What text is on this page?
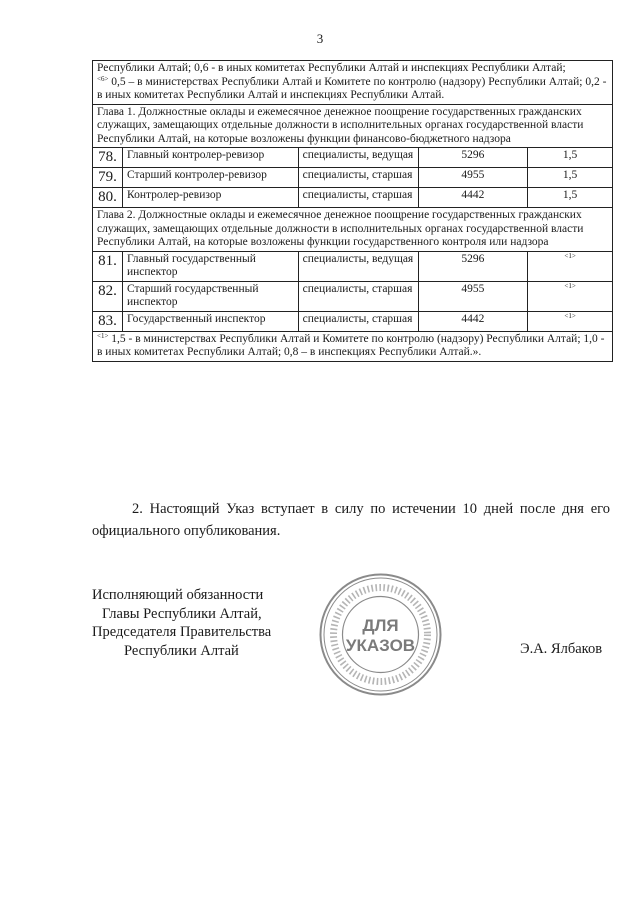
3
Республики Алтай; 0,6 - в иных комитетах Республики Алтай и инспекциях Республики Алтай;
$^{<6>}$ 0,5 – в министерствах Республики Алтай и Комитете по контролю (надзору) Республики Алтай; 0,2 - в иных комитетах Республики Алтай и инспекциях Республики Алтай.				

Глава 1. Должностные оклады и ежемесячное денежное поощрение государственных гражданских служащих, замещающих отдельные должности в исполнительных органах государственной власти Республики Алтай, на которые возложены функции финансово-бюджетного надзора				
78.	Главный контролер-ревизор	специалисты, ведущая	5296	1,5
79.	Старший контролер-ревизор	специалисты, старшая	4955	1,5
80.	Контролер-ревизор	специалисты, старшая	4442	1,5
Глава 2. Должностные оклады и ежемесячное денежное поощрение государственных гражданских служащих, замещающих отдельные должности в исполнительных органах государственной власти Республики Алтай, на которые возложены функции государственного контроля или надзора				
81.	Главный государственный инспектор	специалисты, ведущая	5296	$^{<1>}$
82.	Старший государственный инспектор	специалисты, старшая	4955	$^{<1>}$
83.	Государственный инспектор	специалисты, старшая	4442	$^{<1>}$
$^{<1>}$ 1,5 - в министерствах Республики Алтай и Комитете по контролю (надзору) Республики Алтай; 1,0 - в иных комитетах Республики Алтай; 0,8 – в инспекциях Республики Алтай.».				

2. Настоящий Указ вступает в силу по истечении 10 дней после дня его официального опубликования.

Исполняющий обязанности
Главы Республики Алтай,
Председателя Правительства
Республики Алтай
ДЛЯ
УКАЗОВ	Э.А. Ялбаков
